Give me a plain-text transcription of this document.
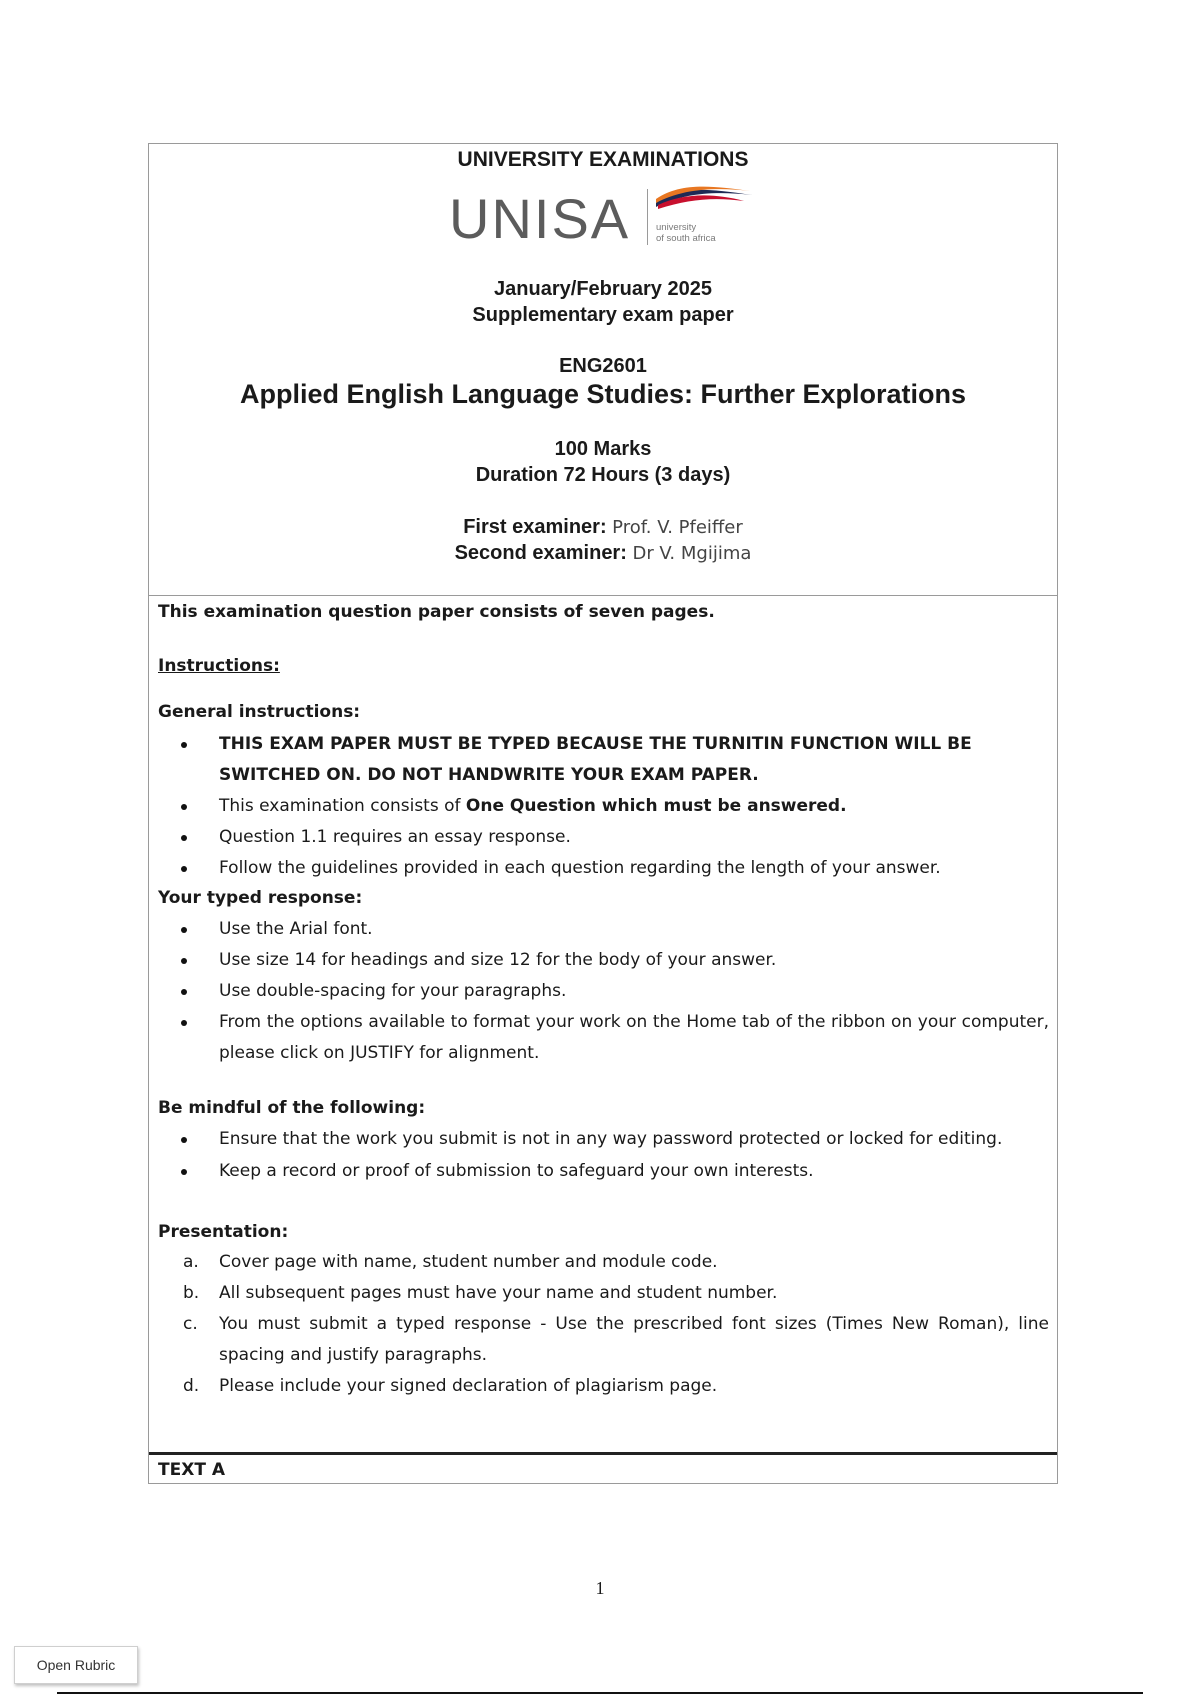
UNIVERSITY EXAMINATIONS
UNISA	university
of south africa
January/February 2025
Supplementary exam paper
ENG2601
Applied English Language Studies: Further Explorations
100 Marks
Duration 72 Hours (3 days)
First examiner: Prof. V. Pfeiffer
Second examiner: Dr V. Mgijima
This examination question paper consists of seven pages.
Instructions:
General instructions:
THIS EXAM PAPER MUST BE TYPED BECAUSE THE TURNITIN FUNCTION WILL BE SWITCHED ON. DO NOT HANDWRITE YOUR EXAM PAPER.
This examination consists of One Question which must be answered.
Question 1.1 requires an essay response.
Follow the guidelines provided in each question regarding the length of your answer.
Your typed response:
Use the Arial font.
Use size 14 for headings and size 12 for the body of your answer.
Use double-spacing for your paragraphs.
From the options available to format your work on the Home tab of the ribbon on your computer, please click on JUSTIFY for alignment.
Be mindful of the following:
Ensure that the work you submit is not in any way password protected or locked for editing.
Keep a record or proof of submission to safeguard your own interests.
Presentation:
a. Cover page with name, student number and module code.
b. All subsequent pages must have your name and student number.
c. You must submit a typed response - Use the prescribed font sizes (Times New Roman), line spacing and justify paragraphs.
d. Please include your signed declaration of plagiarism page.
TEXT A
1
Open Rubric
